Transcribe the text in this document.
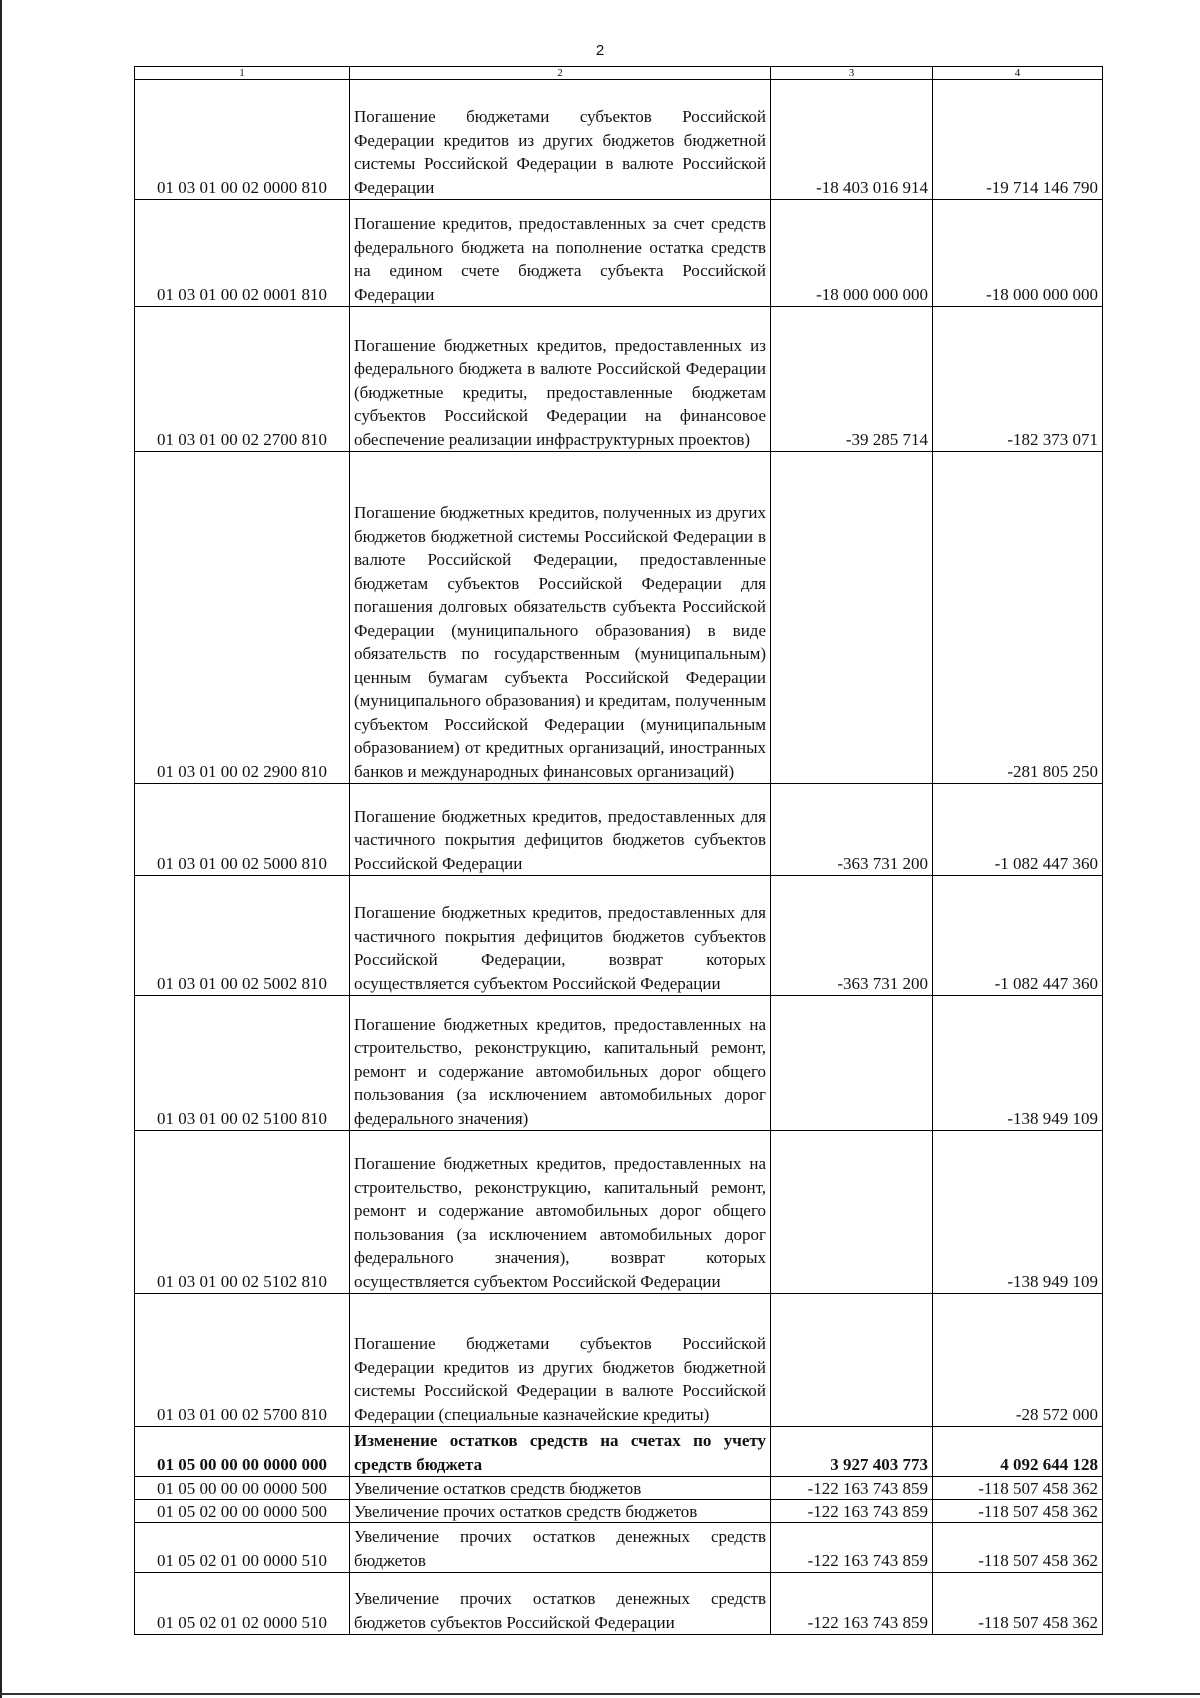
2
1	2	3	4
01 03 01 00 02 0000 810	Погашение бюджетами субъектов Российской Федерации кредитов из других бюджетов бюджетной системы Российской Федерации в валюте Российской Федерации	-18 403 016 914	-19 714 146 790
01 03 01 00 02 0001 810	Погашение кредитов, предоставленных за счет средств федерального бюджета на пополнение остатка средств на едином счете бюджета субъекта Российской Федерации	-18 000 000 000	-18 000 000 000
01 03 01 00 02 2700 810	Погашение бюджетных кредитов, предоставленных из федерального бюджета в валюте Российской Федерации (бюджетные кредиты, предоставленные бюджетам субъектов Российской Федерации на финансовое обеспечение реализации инфраструктурных проектов)	-39 285 714	-182 373 071
01 03 01 00 02 2900 810	Погашение бюджетных кредитов, полученных из других бюджетов бюджетной системы Российской Федерации в валюте Российской Федерации, предоставленные бюджетам субъектов Российской Федерации для погашения долговых обязательств субъекта Российской Федерации (муниципального образования) в виде обязательств по государственным (муниципальным) ценным бумагам субъекта Российской Федерации (муниципального образования) и кредитам, полученным субъектом Российской Федерации (муниципальным образованием) от кредитных организаций, иностранных банков и международных финансовых организаций)		-281 805 250
01 03 01 00 02 5000 810	Погашение бюджетных кредитов, предоставленных для частичного покрытия дефицитов бюджетов субъектов Российской Федерации	-363 731 200	-1 082 447 360
01 03 01 00 02 5002 810	Погашение бюджетных кредитов, предоставленных для частичного покрытия дефицитов бюджетов субъектов Российской Федерации, возврат которых осуществляется субъектом Российской Федерации	-363 731 200	-1 082 447 360
01 03 01 00 02 5100 810	Погашение бюджетных кредитов, предоставленных на строительство, реконструкцию, капитальный ремонт, ремонт и содержание автомобильных дорог общего пользования (за исключением автомобильных дорог федерального значения)		-138 949 109
01 03 01 00 02 5102 810	Погашение бюджетных кредитов, предоставленных на строительство, реконструкцию, капитальный ремонт, ремонт и содержание автомобильных дорог общего пользования (за исключением автомобильных дорог федерального значения), возврат которых осуществляется субъектом Российской Федерации		-138 949 109
01 03 01 00 02 5700 810	Погашение бюджетами субъектов Российской Федерации кредитов из других бюджетов бюджетной системы Российской Федерации в валюте Российской Федерации (специальные казначейские кредиты)		-28 572 000
01 05 00 00 00 0000 000	Изменение остатков средств на счетах по учету средств бюджета	3 927 403 773	4 092 644 128
01 05 00 00 00 0000 500	Увеличение остатков средств бюджетов	-122 163 743 859	-118 507 458 362
01 05 02 00 00 0000 500	Увеличение прочих остатков средств бюджетов	-122 163 743 859	-118 507 458 362
01 05 02 01 00 0000 510	Увеличение прочих остатков денежных средств бюджетов	-122 163 743 859	-118 507 458 362
01 05 02 01 02 0000 510	Увеличение прочих остатков денежных средств бюджетов субъектов Российской Федерации	-122 163 743 859	-118 507 458 362
